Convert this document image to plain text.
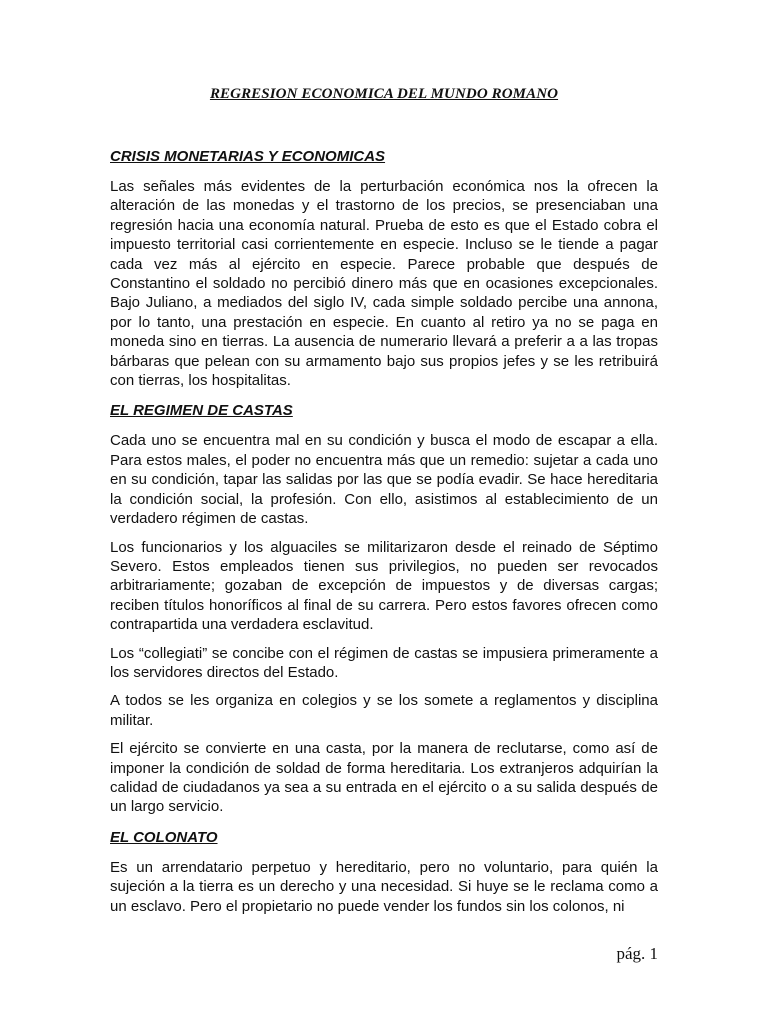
REGRESION ECONOMICA DEL MUNDO ROMANO
CRISIS MONETARIAS Y ECONOMICAS

Las señales más evidentes de la perturbación económica nos la ofrecen la alteración de las monedas y el trastorno de los precios, se presenciaban una regresión hacia una economía natural. Prueba de esto es que el Estado cobra el impuesto territorial casi corrientemente en especie. Incluso se le tiende a pagar cada vez más al ejército en especie. Parece probable que después de Constantino el soldado no percibió dinero más que en ocasiones excepcionales. Bajo Juliano, a mediados del siglo IV, cada simple soldado percibe una annona, por lo tanto, una prestación en especie. En cuanto al retiro ya no se paga en moneda sino en tierras. La ausencia de numerario llevará a preferir a a las tropas bárbaras que pelean con su armamento bajo sus propios jefes y se les retribuirá con tierras, los hospitalitas.

EL REGIMEN DE CASTAS

Cada uno se encuentra mal en su condición y busca el modo de escapar a ella. Para estos males, el poder no encuentra más que un remedio: sujetar a cada uno en su condición, tapar las salidas por las que se podía evadir. Se hace hereditaria la condición social, la profesión. Con ello, asistimos al establecimiento de un verdadero régimen de castas.

Los funcionarios y los alguaciles se militarizaron desde el reinado de Séptimo Severo. Estos empleados tienen sus privilegios, no pueden ser revocados arbitrariamente; gozaban de excepción de impuestos y de diversas cargas; reciben títulos honoríficos al final de su carrera. Pero estos favores ofrecen como contrapartida una verdadera esclavitud.

Los “collegiati” se concibe con el régimen de castas se impusiera primeramente a los servidores directos del Estado.

A todos se les organiza en colegios y se los somete a reglamentos y disciplina militar.

El ejército se convierte en una casta, por la manera de reclutarse, como así de imponer la condición de soldad de forma hereditaria. Los extranjeros adquirían la calidad de ciudadanos ya sea a su entrada en el ejército o a su salida después de un largo servicio.

EL COLONATO

Es un arrendatario perpetuo y hereditario, pero no voluntario, para quién la sujeción a la tierra es un derecho y una necesidad. Si huye se le reclama como a un esclavo. Pero el propietario no puede vender los fundos sin los colonos, ni

pág. 1
